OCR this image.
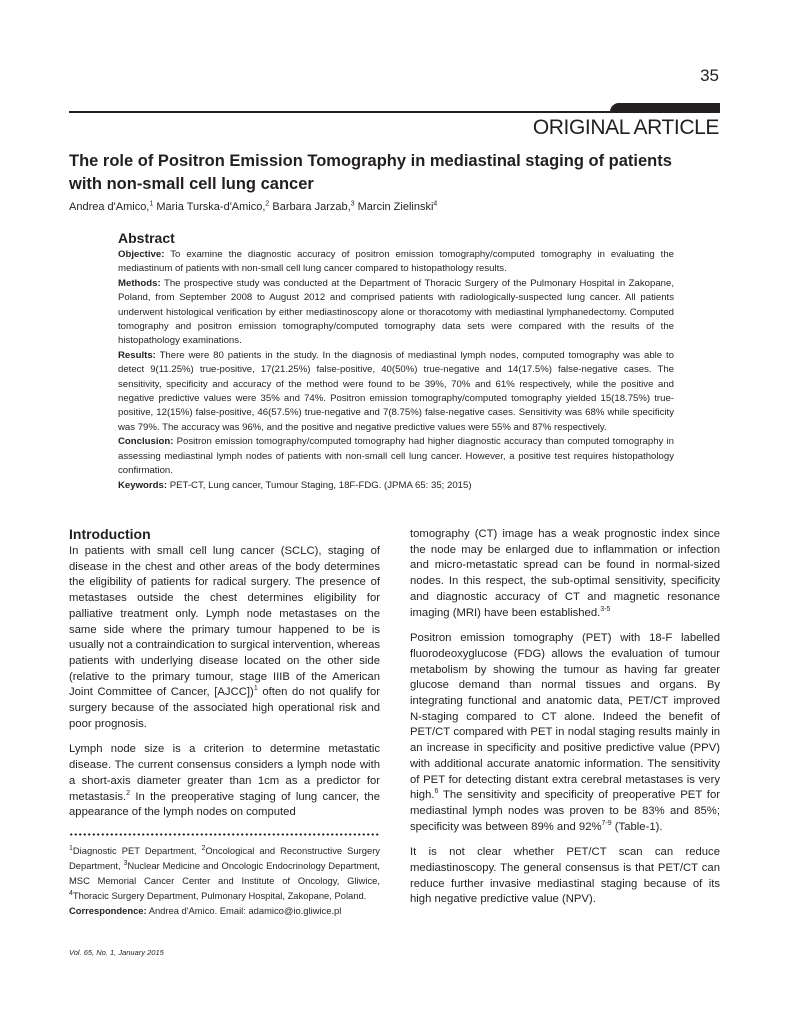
35
ORIGINAL ARTICLE
The role of Positron Emission Tomography in mediastinal staging of patients with non-small cell lung cancer
Andrea d'Amico,$^1$ Maria Turska-d'Amico,$^2$ Barbara Jarzab,$^3$ Marcin Zielinski$^4$
Abstract

Objective: To examine the diagnostic accuracy of positron emission tomography/computed tomography in evaluating the mediastinum of patients with non-small cell lung cancer compared to histopathology results.

Methods: The prospective study was conducted at the Department of Thoracic Surgery of the Pulmonary Hospital in Zakopane, Poland, from September 2008 to August 2012 and comprised patients with radiologically-suspected lung cancer. All patients underwent histological verification by either mediastinoscopy alone or thoracotomy with mediastinal lymphanedectomy. Computed tomography and positron emission tomography/computed tomography data sets were compared with the results of the histopathology examinations.

Results: There were 80 patients in the study. In the diagnosis of mediastinal lymph nodes, computed tomography was able to detect 9(11.25%) true-positive, 17(21.25%) false-positive, 40(50%) true-negative and 14(17.5%) false-negative cases. The sensitivity, specificity and accuracy of the method were found to be 39%, 70% and 61% respectively, while the positive and negative predictive values were 35% and 74%. Positron emission tomography/computed tomography yielded 15(18.75%) true-positive, 12(15%) false-positive, 46(57.5%) true-negative and 7(8.75%) false-negative cases. Sensitivity was 68% while specificity was 79%. The accuracy was 96%, and the positive and negative predictive values were 55% and 87% respectively.

Conclusion: Positron emission tomography/computed tomography had higher diagnostic accuracy than computed tomography in assessing mediastinal lymph nodes of patients with non-small cell lung cancer. However, a positive test requires histopathology confirmation.

Keywords: PET-CT, Lung cancer, Tumour Staging, 18F-FDG. (JPMA 65: 35; 2015)

Introduction

In patients with small cell lung cancer (SCLC), staging of disease in the chest and other areas of the body determines the eligibility of patients for radical surgery. The presence of metastases outside the chest determines eligibility for palliative treatment only. Lymph node metastases on the same side where the primary tumour happened to be is usually not a contraindication to surgical intervention, whereas patients with underlying disease located on the other side (relative to the primary tumour, stage IIIB of the American Joint Committee of Cancer, [AJCC])$^1$ often do not qualify for surgery because of the associated high operational risk and poor prognosis.

Lymph node size is a criterion to determine metastatic disease. The current consensus considers a lymph node with a short-axis diameter greater than 1cm as a predictor for metastasis.$^2$ In the preoperative staging of lung cancer, the appearance of the lymph nodes on computed

tomography (CT) image has a weak prognostic index since the node may be enlarged due to inflammation or infection and micro-metastatic spread can be found in normal-sized nodes. In this respect, the sub-optimal sensitivity, specificity and diagnostic accuracy of CT and magnetic resonance imaging (MRI) have been established.$^{3-5}$

Positron emission tomography (PET) with 18-F labelled fluorodeoxyglucose (FDG) allows the evaluation of tumour metabolism by showing the tumour as having far greater glucose demand than normal tissues and organs. By integrating functional and anatomic data, PET/CT improved N-staging compared to CT alone. Indeed the benefit of PET/CT compared with PET in nodal staging results mainly in an increase in specificity and positive predictive value (PPV) with additional accurate anatomic information. The sensitivity of PET for detecting distant extra cerebral metastases is very high.$^6$ The sensitivity and specificity of preoperative PET for mediastinal lymph nodes was proven to be 83% and 85%; specificity was between 89% and 92%$^{7-9}$ (Table-1).

It is not clear whether PET/CT scan can reduce mediastinoscopy. The general consensus is that PET/CT can reduce further invasive mediastinal staging because of its high negative predictive value (NPV).

$^1$Diagnostic PET Department, $^2$Oncological and Reconstructive Surgery Department, $^3$Nuclear Medicine and Oncologic Endocrinology Department, MSC Memorial Cancer Center and Institute of Oncology, Gliwice, $^4$Thoracic Surgery Department, Pulmonary Hospital, Zakopane, Poland.

Correspondence: Andrea d'Amico. Email: adamico@io.gliwice.pl

Vol. 65, No. 1, January 2015
